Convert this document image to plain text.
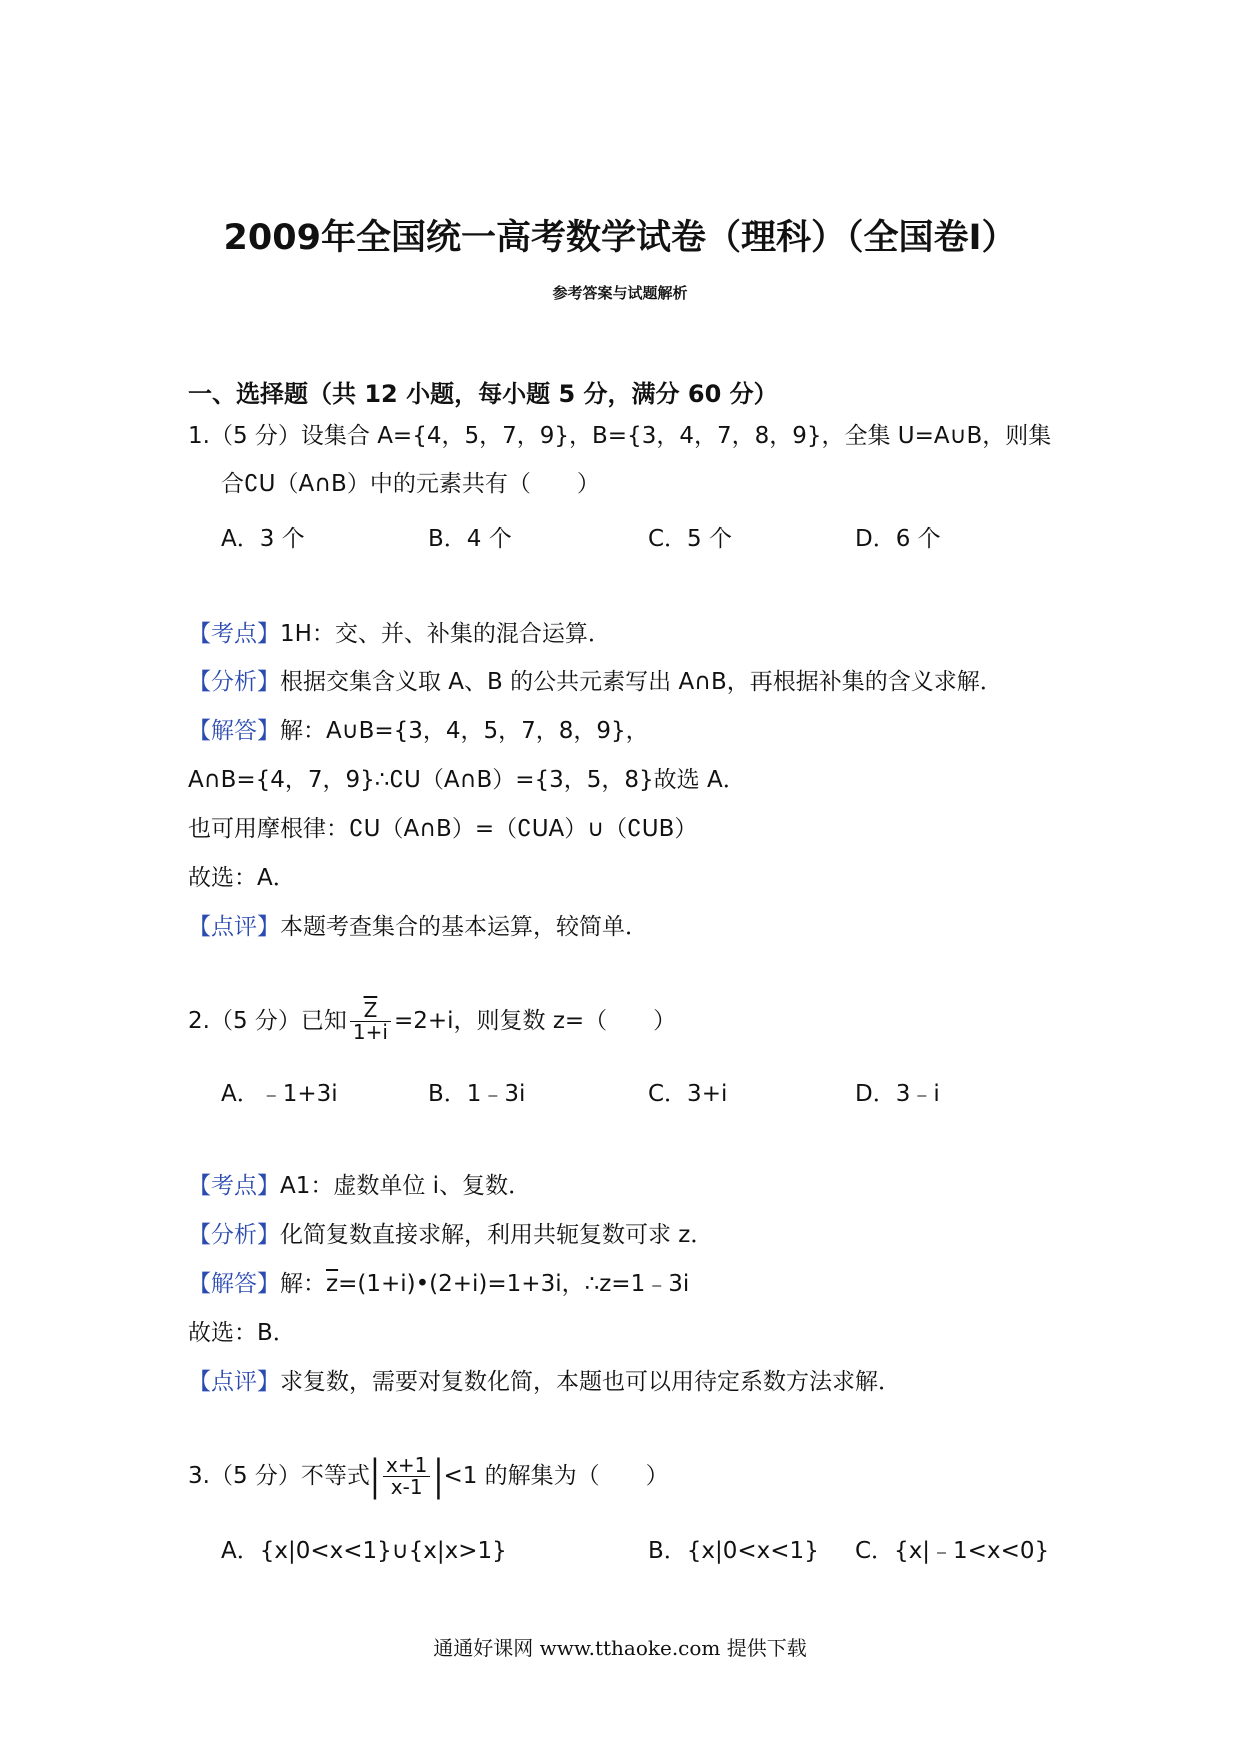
2009年全国统一高考数学试卷（理科）（全国卷Ⅰ）
参考答案与试题解析
一、选择题（共 12 小题，每小题 5 分，满分 60 分）
1.（5 分）设集合 A={4，5，7，9}，B={3，4，7，8，9}，全集 U=A∪B，则集
合∁U（A∩B）中的元素共有（　　）
A．3 个	B．4 个	C．5 个	D．6 个
【考点】1H：交、并、补集的混合运算．
【分析】根据交集含义取 A、B 的公共元素写出 A∩B，再根据补集的含义求解．
【解答】解：A∪B={3，4，5，7，8，9}，
A∩B={4，7，9}∴∁U（A∩B）={3，5，8}故选 A．
也可用摩根律：∁U（A∩B）=（∁UA）∪（∁UB）
故选：A．
【点评】本题考查集合的基本运算，较简单．
2.（5 分）已知 $\frac{\overline{Z}}{1+i} =2+i$，则复数 z=（　　）
A．﹣1+3i	B．1﹣3i	C．3+i	D．3﹣i
【考点】A1：虚数单位 i、复数．
【分析】化简复数直接求解，利用共轭复数可求 z．
【解答】解：$\overline{z}=(1+i)•(2+i)=1+3i$，∴z=1﹣3i
故选：B．
【点评】求复数，需要对复数化简，本题也可以用待定系数方法求解．
3.（5 分）不等式| $\frac{x+1}{x-1} |<1$ 的解集为（　　）
A．{x|0<x<1}∪{x|x>1}	B．{x|0<x<1} C．{x|﹣1<x<0}
通通好课网 www.tthaoke.com 提供下载
